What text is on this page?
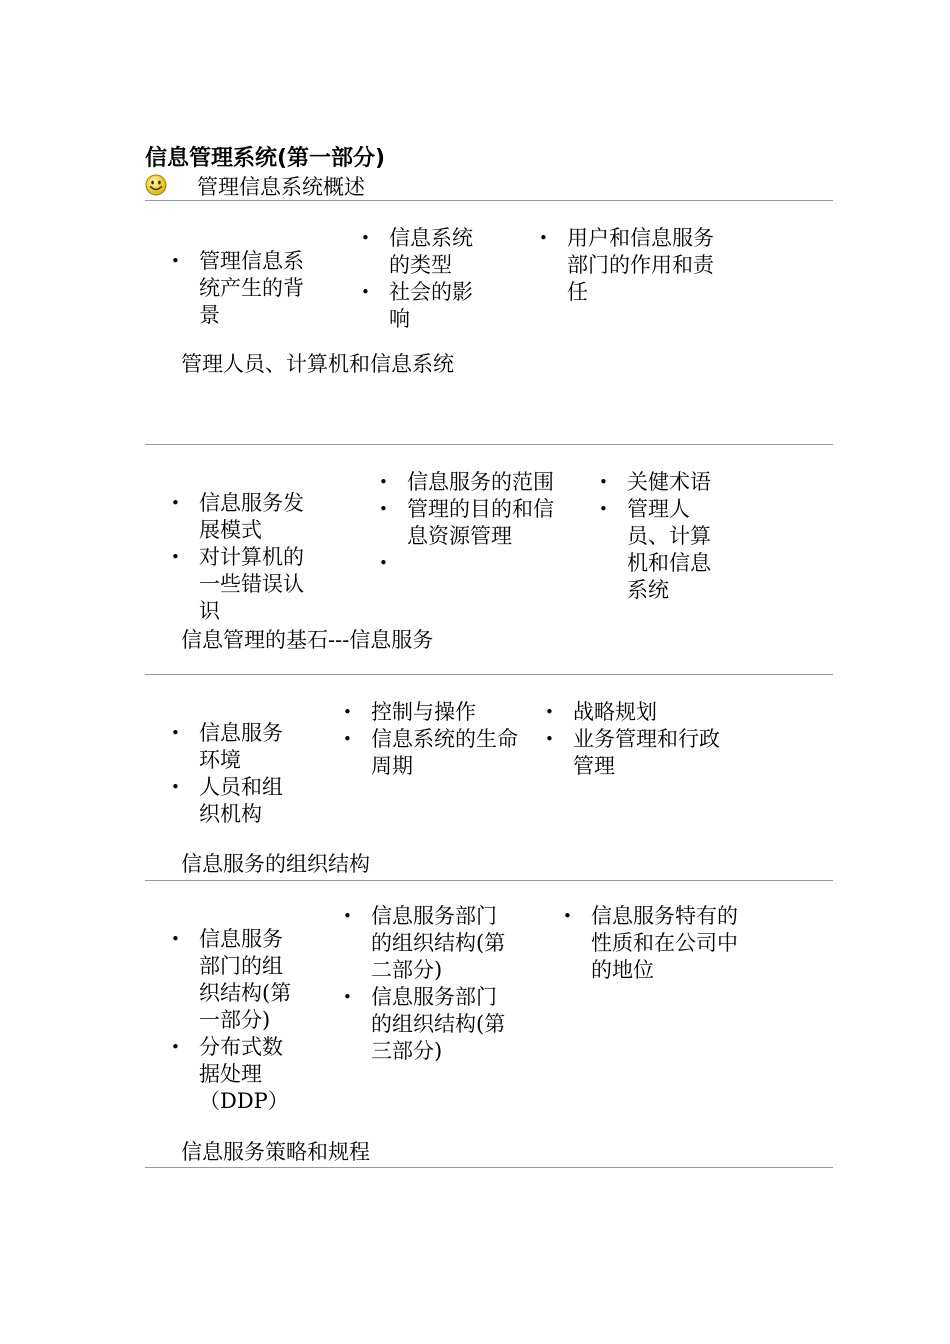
信息管理系统(第一部分)
管理信息系统概述
• 管理信息系统产生的背景
• 信息系统的类型
• 社会的影响
• 用户和信息服务部门的作用和责任
管理人员、计算机和信息系统
• 信息服务发展模式
• 对计算机的一些错误认识
• 信息服务的范围
• 管理的目的和信息资源管理
•
• 关健术语
• 管理人员、计算机和信息系统
信息管理的基石---信息服务
• 信息服务环境
• 人员和组织机构
• 控制与操作
• 信息系统的生命周期
• 战略规划
• 业务管理和行政管理
信息服务的组织结构
• 信息服务部门的组织结构(第一部分)
• 分布式数据处理（DDP）
• 信息服务部门的组织结构(第二部分)
• 信息服务部门的组织结构(第三部分)
• 信息服务特有的性质和在公司中的地位
信息服务策略和规程
